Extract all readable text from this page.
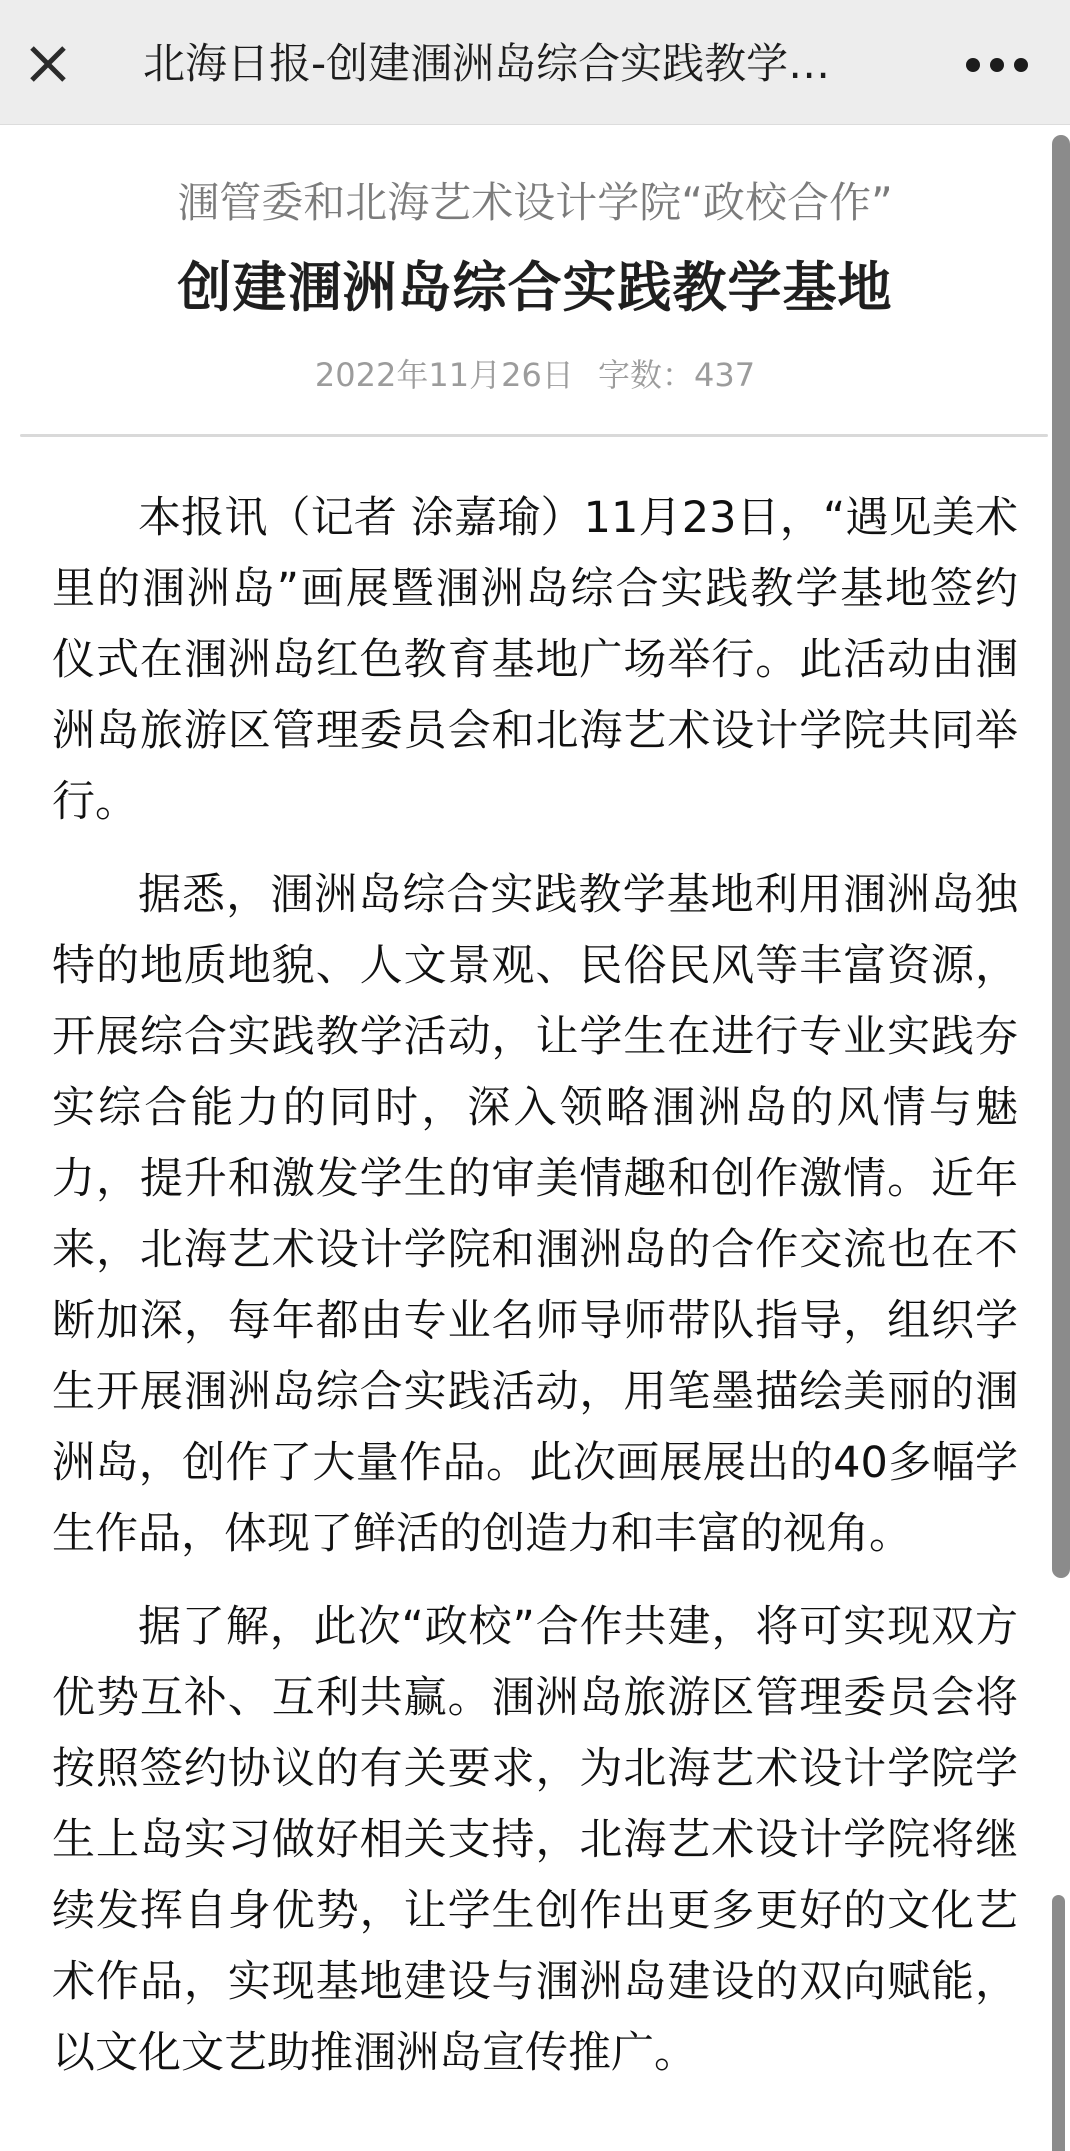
北海日报-创建涠洲岛综合实践教学…
涠管委和北海艺术设计学院“政校合作”
创建涠洲岛综合实践教学基地
2022年11月26日 字数：437

本报讯（记者 涂嘉瑜）11月23日，“遇见美术里的涠洲岛”画展暨涠洲岛综合实践教学基地签约仪式在涠洲岛红色教育基地广场举行。此活动由涠洲岛旅游区管理委员会和北海艺术设计学院共同举行。

据悉，涠洲岛综合实践教学基地利用涠洲岛独特的地质地貌、人文景观、民俗民风等丰富资源，开展综合实践教学活动，让学生在进行专业实践夯实综合能力的同时，深入领略涠洲岛的风情与魅力，提升和激发学生的审美情趣和创作激情。近年来，北海艺术设计学院和涠洲岛的合作交流也在不断加深，每年都由专业名师导师带队指导，组织学生开展涠洲岛综合实践活动，用笔墨描绘美丽的涠洲岛，创作了大量作品。此次画展展出的40多幅学生作品，体现了鲜活的创造力和丰富的视角。

据了解，此次“政校”合作共建，将可实现双方优势互补、互利共赢。涠洲岛旅游区管理委员会将按照签约协议的有关要求，为北海艺术设计学院学生上岛实习做好相关支持，北海艺术设计学院将继续发挥自身优势，让学生创作出更多更好的文化艺术作品，实现基地建设与涠洲岛建设的双向赋能，以文化文艺助推涠洲岛宣传推广。
